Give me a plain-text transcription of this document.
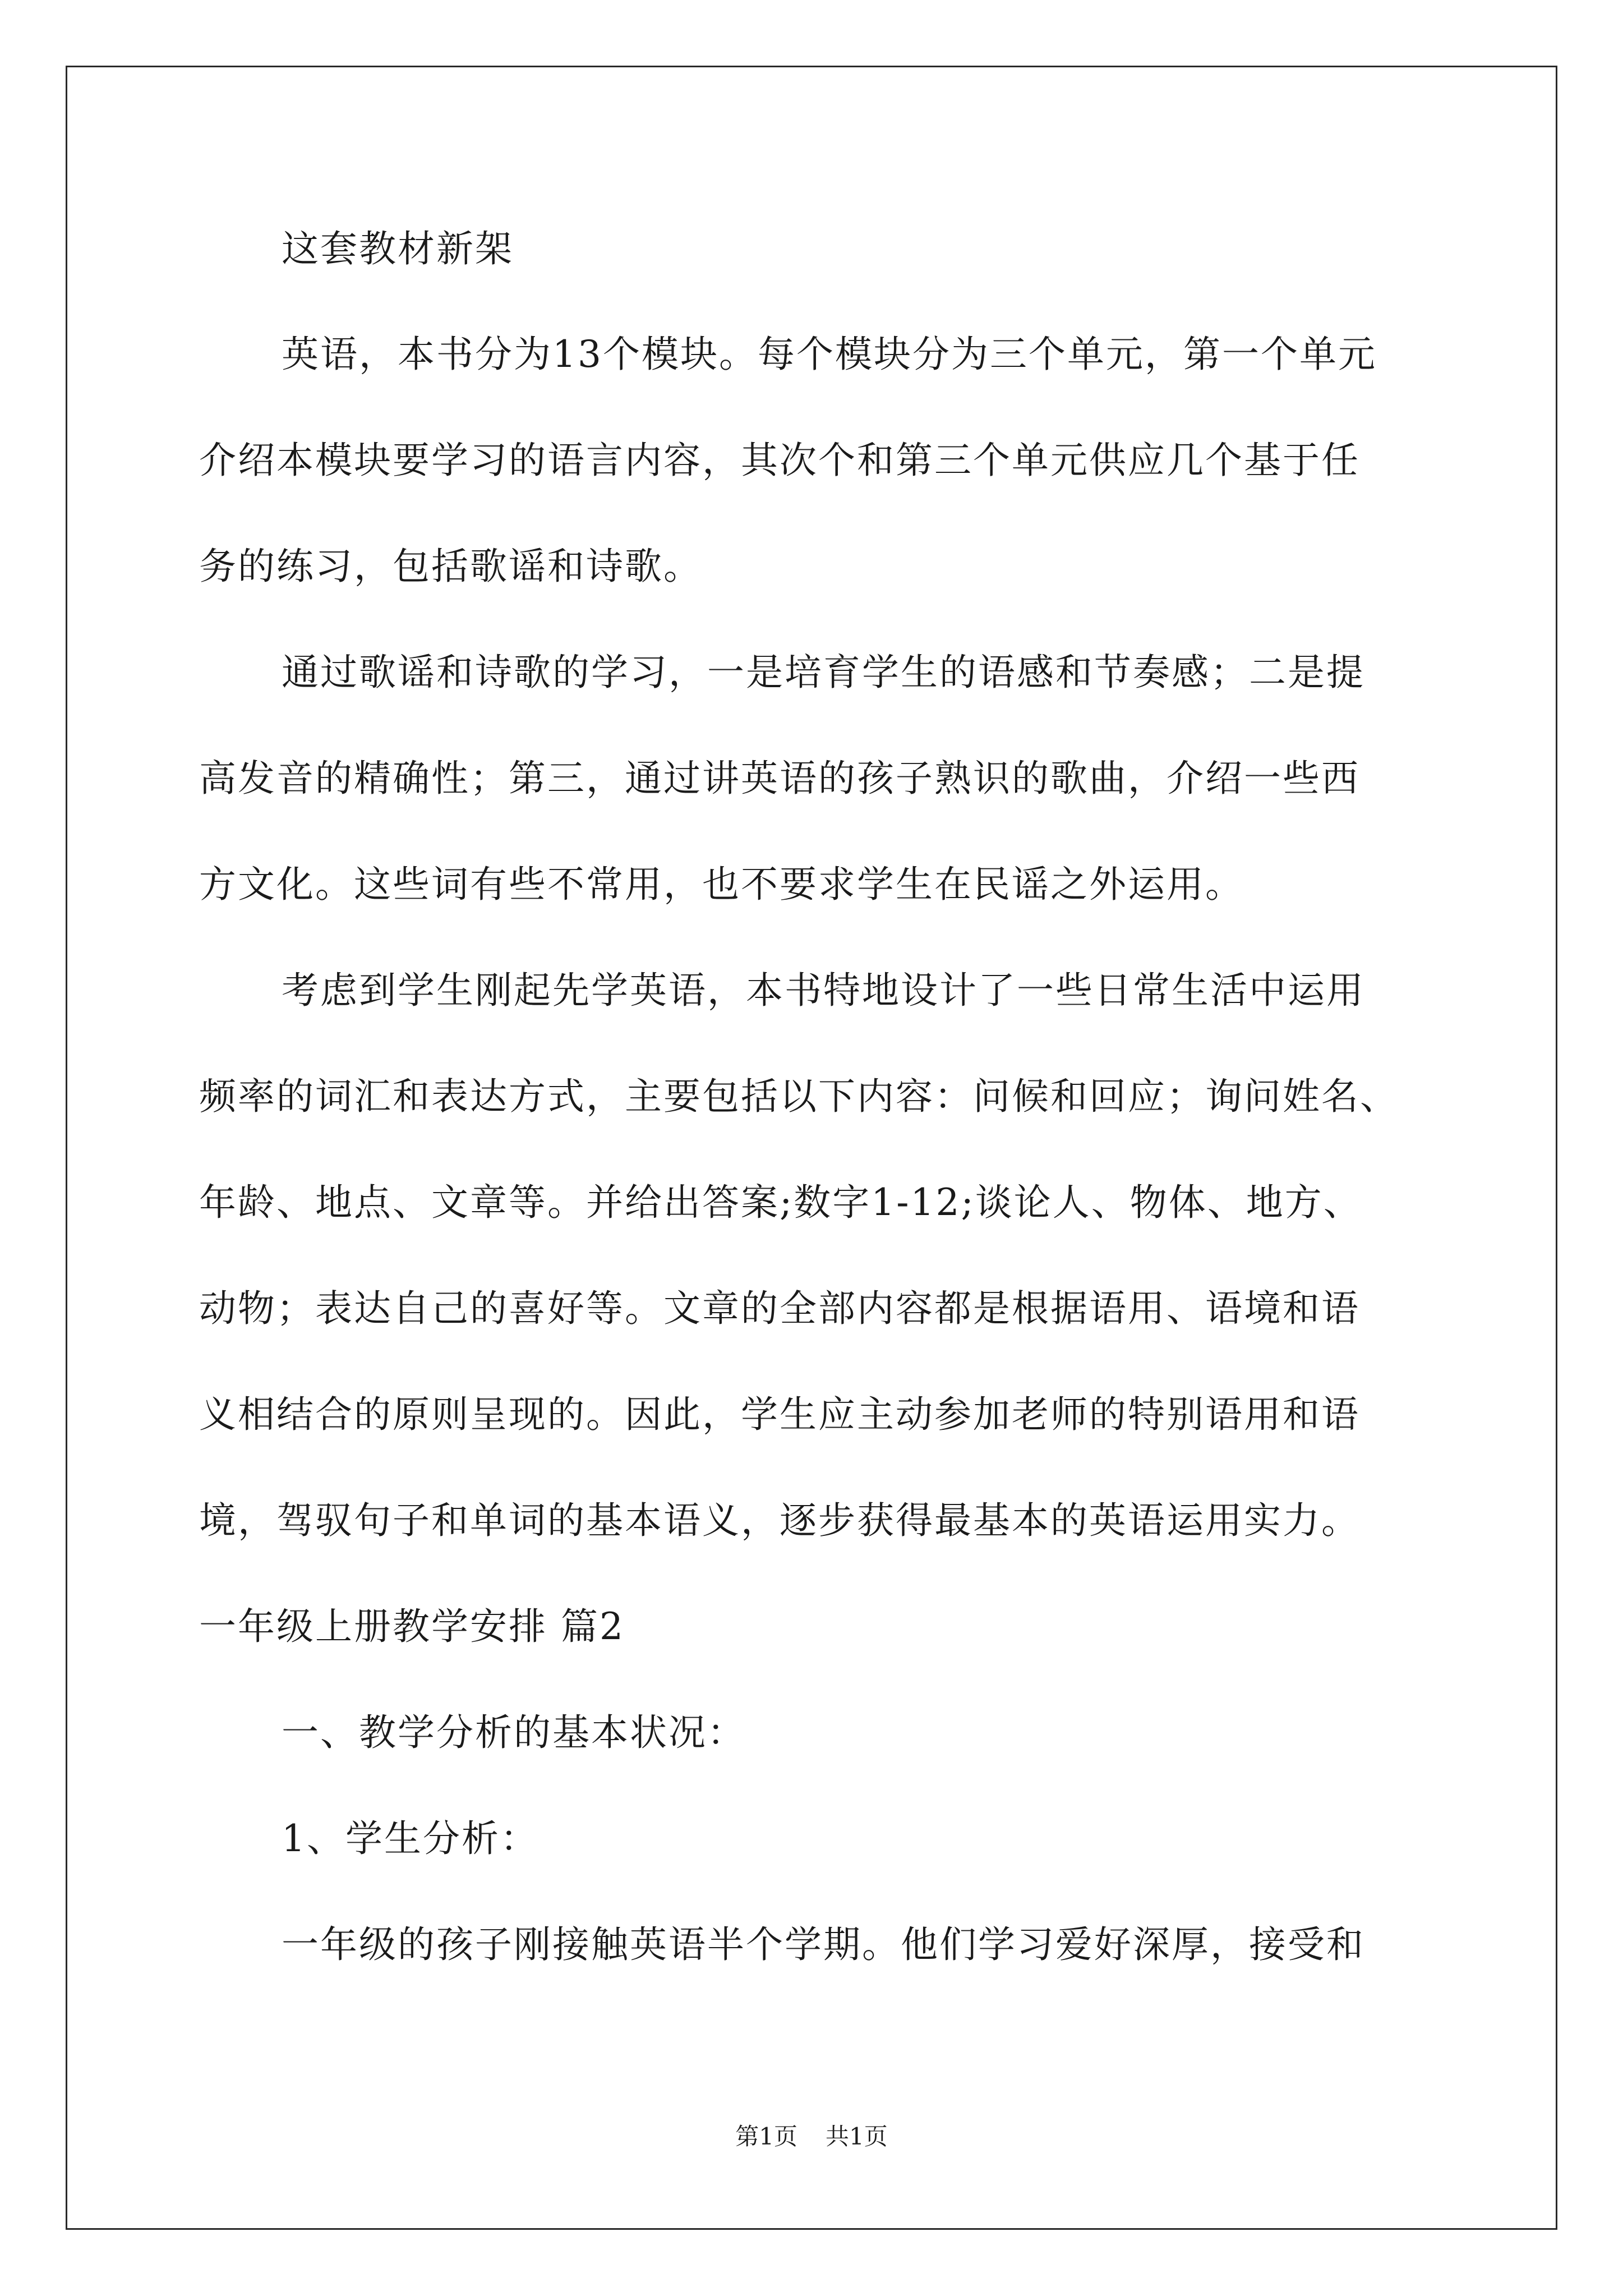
这套教材新架
英语，本书分为13个模块。每个模块分为三个单元，第一个单元
介绍本模块要学习的语言内容，其次个和第三个单元供应几个基于任
务的练习，包括歌谣和诗歌。
通过歌谣和诗歌的学习，一是培育学生的语感和节奏感；二是提
高发音的精确性；第三，通过讲英语的孩子熟识的歌曲，介绍一些西
方文化。这些词有些不常用，也不要求学生在民谣之外运用。
考虑到学生刚起先学英语，本书特地设计了一些日常生活中运用
频率的词汇和表达方式，主要包括以下内容：问候和回应；询问姓名、
年龄、地点、文章等。并给出答案;数字1-12;谈论人、物体、地方、
动物；表达自己的喜好等。文章的全部内容都是根据语用、语境和语
义相结合的原则呈现的。因此，学生应主动参加老师的特别语用和语
境，驾驭句子和单词的基本语义，逐步获得最基本的英语运用实力。
一年级上册教学安排 篇2
一、教学分析的基本状况：
1、学生分析：
一年级的孩子刚接触英语半个学期。他们学习爱好深厚，接受和
第1页 共1页
